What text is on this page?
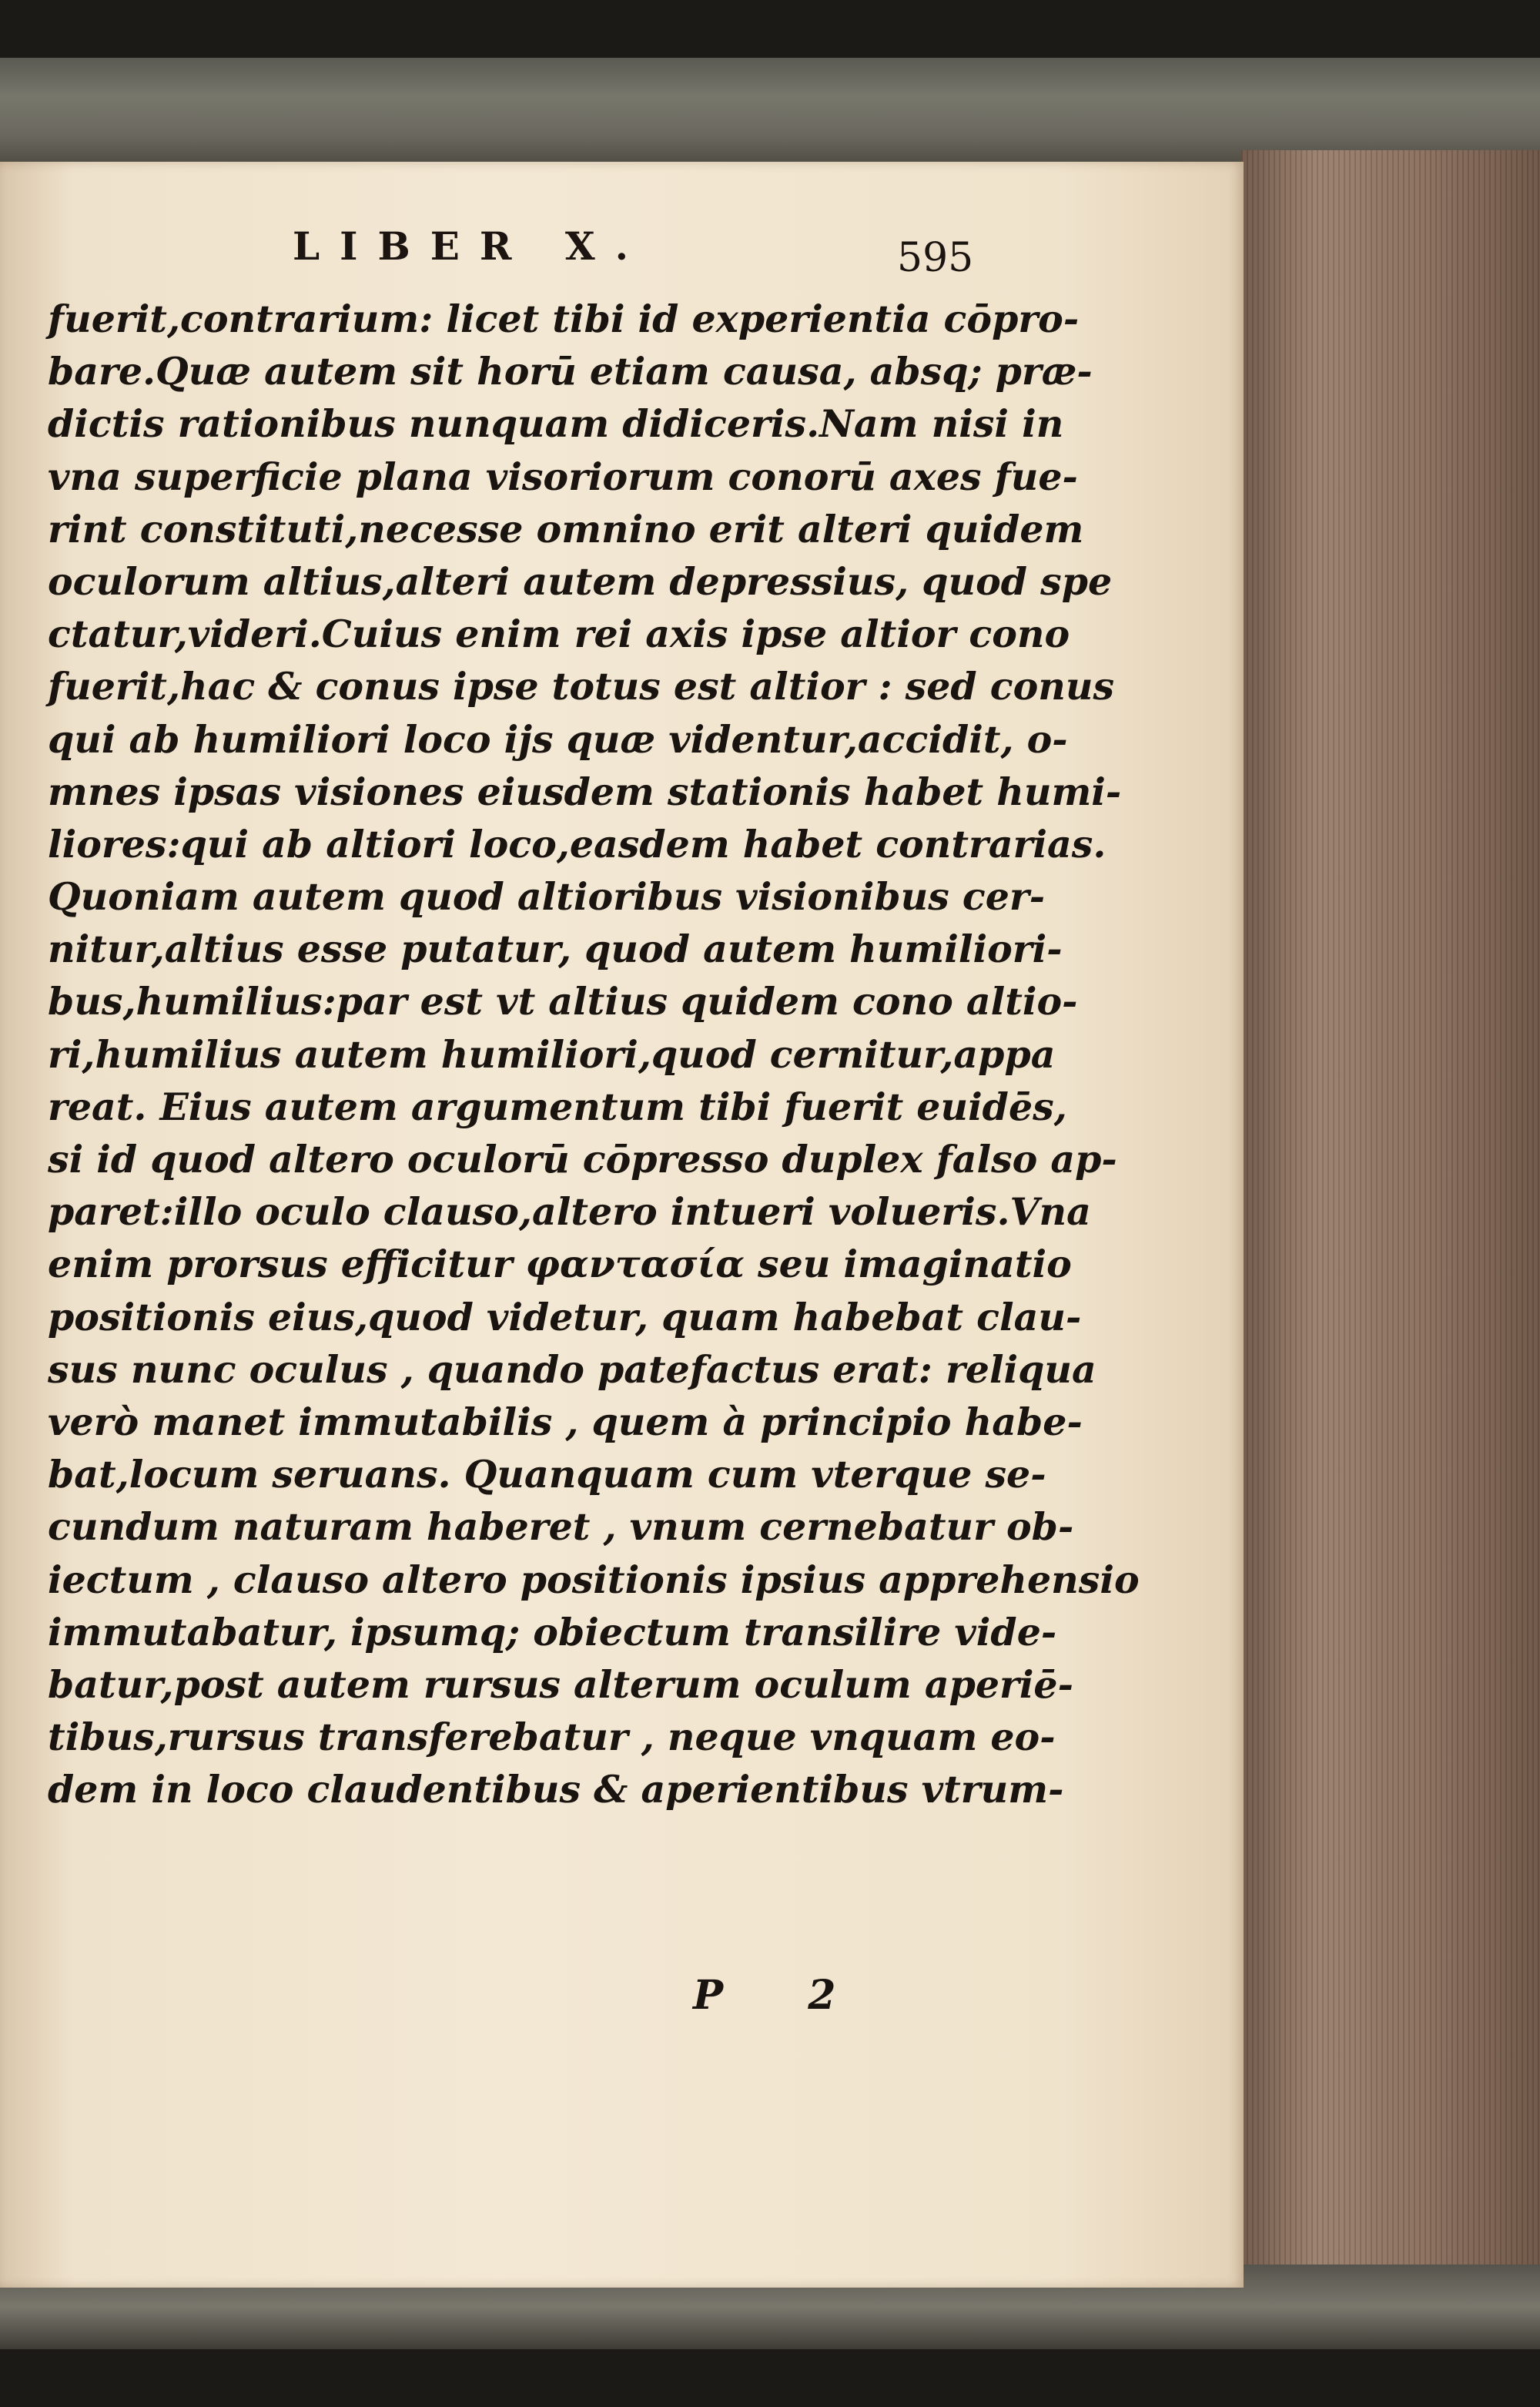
LIBER X.	595
fuerit,contrarium: licet tibi id experientia cōpro-
bare.Quæ autem sit horū etiam causa, absq; præ-
dictis rationibus nunquam didiceris.Nam nisi in
vna superficie plana visoriorum conorū axes fue-
rint constituti,necesse omnino erit alteri quidem
oculorum altius,alteri autem depressius, quod spe
ctatur,videri.Cuius enim rei axis ipse altior cono
fuerit,hac & conus ipse totus est altior : sed conus
qui ab humiliori loco ijs quæ videntur,accidit, o-
mnes ipsas visiones eiusdem stationis habet humi-
liores:qui ab altiori loco,easdem habet contrarias.
Quoniam autem quod altioribus visionibus cer-
nitur,altius esse putatur, quod autem humiliori-
bus,humilius:par est vt altius quidem cono altio-
ri,humilius autem humiliori,quod cernitur,appa
reat. Eius autem argumentum tibi fuerit euidēs,
si id quod altero oculorū cōpresso duplex falso ap-
paret:illo oculo clauso,altero intueri volueris.Vna
enim prorsus efficitur φαντασία seu imaginatio
positionis eius,quod videtur, quam habebat clau-
sus nunc oculus , quando patefactus erat: reliqua
verò manet immutabilis , quem à principio habe-
bat,locum seruans. Quanquam cum vterque se-
cundum naturam haberet , vnum cernebatur ob-
iectum , clauso altero positionis ipsius apprehensio
immutabatur, ipsumq; obiectum transilire vide-
batur,post autem rursus alterum oculum aperiē-
tibus,rursus transferebatur , neque vnquam eo-
dem in loco claudentibus & aperientibus vtrum-
P 2
